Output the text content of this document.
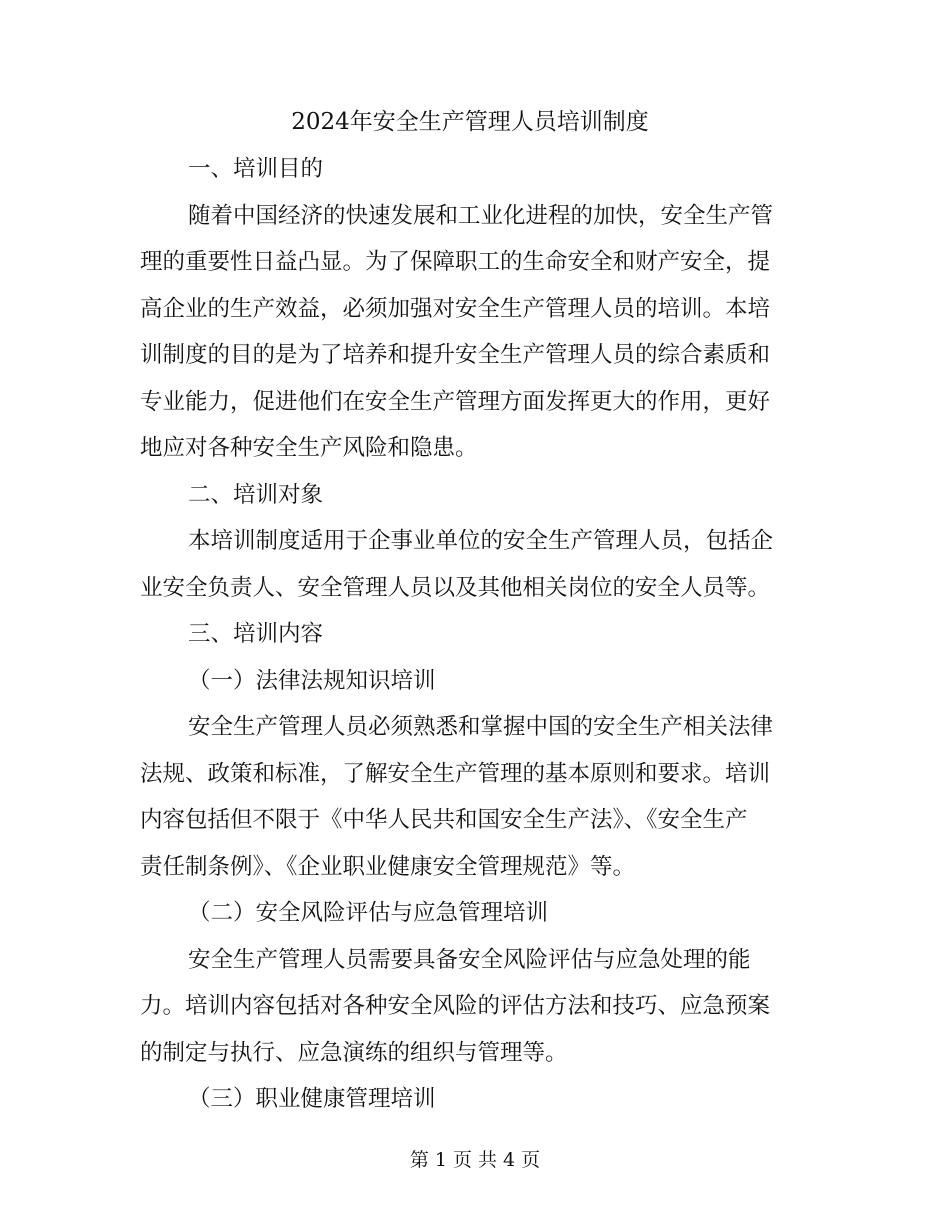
2024年安全生产管理人员培训制度
一、培训目的
随着中国经济的快速发展和工业化进程的加快，安全生产管
理的重要性日益凸显。为了保障职工的生命安全和财产安全，提
高企业的生产效益，必须加强对安全生产管理人员的培训。本培
训制度的目的是为了培养和提升安全生产管理人员的综合素质和
专业能力，促进他们在安全生产管理方面发挥更大的作用，更好
地应对各种安全生产风险和隐患。
二、培训对象
本培训制度适用于企事业单位的安全生产管理人员，包括企
业安全负责人、安全管理人员以及其他相关岗位的安全人员等。
三、培训内容
（一）法律法规知识培训
安全生产管理人员必须熟悉和掌握中国的安全生产相关法律
法规、政策和标准，了解安全生产管理的基本原则和要求。培训
内容包括但不限于《中华人民共和国安全生产法》、《安全生产
责任制条例》、《企业职业健康安全管理规范》等。
（二）安全风险评估与应急管理培训
安全生产管理人员需要具备安全风险评估与应急处理的能
力。培训内容包括对各种安全风险的评估方法和技巧、应急预案
的制定与执行、应急演练的组织与管理等。
（三）职业健康管理培训
第 1 页 共 4 页
